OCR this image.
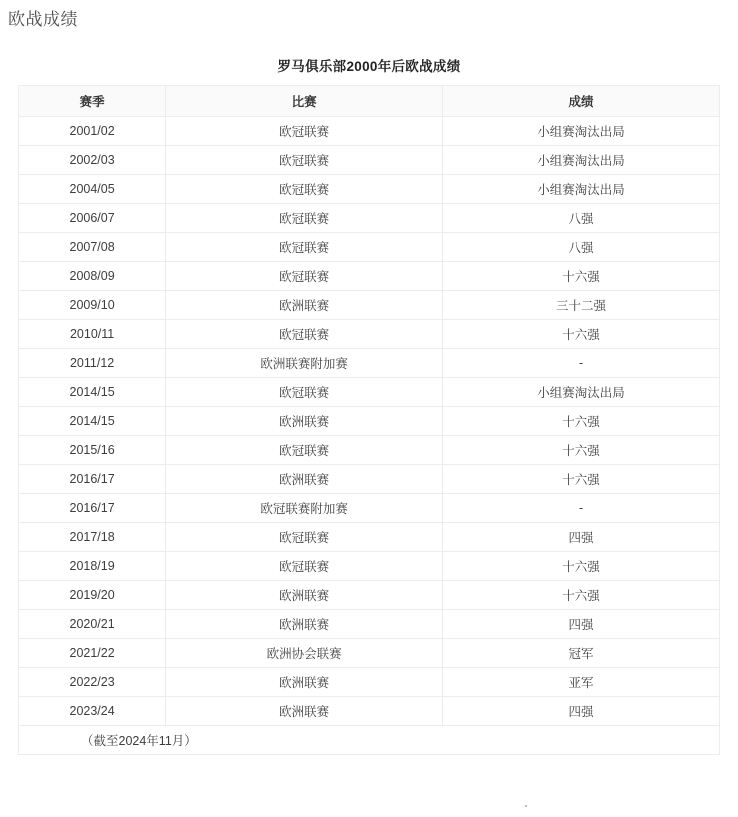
欧战成绩
罗马俱乐部2000年后欧战成绩
赛季	比赛	成绩
2001/02	欧冠联赛	小组赛淘汰出局
2002/03	欧冠联赛	小组赛淘汰出局
2004/05	欧冠联赛	小组赛淘汰出局
2006/07	欧冠联赛	八强
2007/08	欧冠联赛	八强
2008/09	欧冠联赛	十六强
2009/10	欧洲联赛	三十二强
2010/11	欧冠联赛	十六强
2011/12	欧洲联赛附加赛	-
2014/15	欧冠联赛	小组赛淘汰出局
2014/15	欧洲联赛	十六强
2015/16	欧冠联赛	十六强
2016/17	欧洲联赛	十六强
2016/17	欧冠联赛附加赛	-
2017/18	欧冠联赛	四强
2018/19	欧冠联赛	十六强
2019/20	欧洲联赛	十六强
2020/21	欧洲联赛	四强
2021/22	欧洲协会联赛	冠军
2022/23	欧洲联赛	亚军
2023/24	欧洲联赛	四强
（截至2024年11月）		
